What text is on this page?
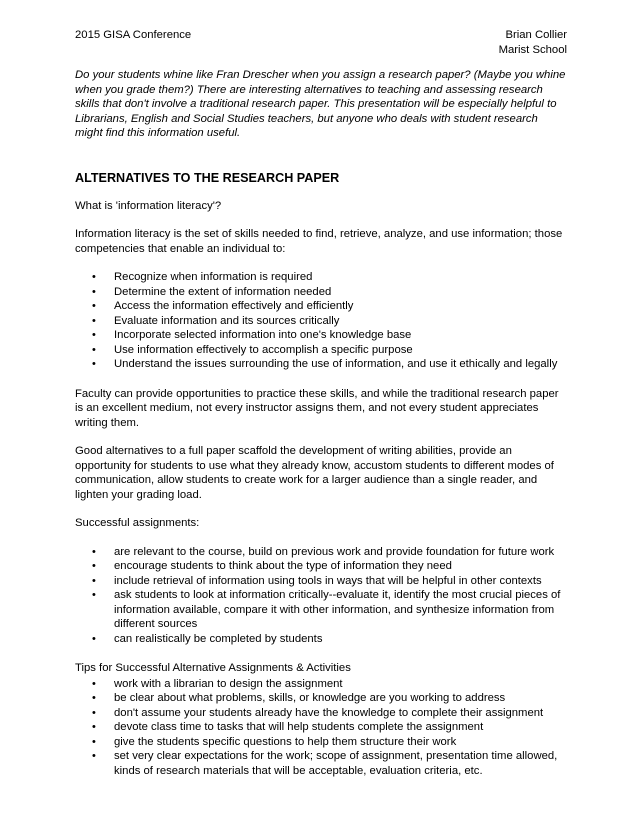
2015 GISA Conference	Brian Collier
Marist School

Do your students whine like Fran Drescher when you assign a research paper? (Maybe you whine when you grade them?) There are interesting alternatives to teaching and assessing research skills that don't involve a traditional research paper. This presentation will be especially helpful to Librarians, English and Social Studies teachers, but anyone who deals with student research might find this information useful.

ALTERNATIVES TO THE RESEARCH PAPER

What is 'information literacy'?

Information literacy is the set of skills needed to find, retrieve, analyze, and use information; those competencies that enable an individual to:

• Recognize when information is required
• Determine the extent of information needed
• Access the information effectively and efficiently
• Evaluate information and its sources critically
• Incorporate selected information into one's knowledge base
• Use information effectively to accomplish a specific purpose
• Understand the issues surrounding the use of information, and use it ethically and legally

Faculty can provide opportunities to practice these skills, and while the traditional research paper is an excellent medium, not every instructor assigns them, and not every student appreciates writing them.

Good alternatives to a full paper scaffold the development of writing abilities, provide an opportunity for students to use what they already know, accustom students to different modes of communication, allow students to create work for a larger audience than a single reader, and lighten your grading load.

Successful assignments:

• are relevant to the course, build on previous work and provide foundation for future work
• encourage students to think about the type of information they need
• include retrieval of information using tools in ways that will be helpful in other contexts
• ask students to look at information critically--evaluate it, identify the most crucial pieces of information available, compare it with other information, and synthesize information from different sources
• can realistically be completed by students

Tips for Successful Alternative Assignments & Activities

• work with a librarian to design the assignment
• be clear about what problems, skills, or knowledge are you working to address
• don't assume your students already have the knowledge to complete their assignment
• devote class time to tasks that will help students complete the assignment
• give the students specific questions to help them structure their work
• set very clear expectations for the work; scope of assignment, presentation time allowed, kinds of research materials that will be acceptable, evaluation criteria, etc.
